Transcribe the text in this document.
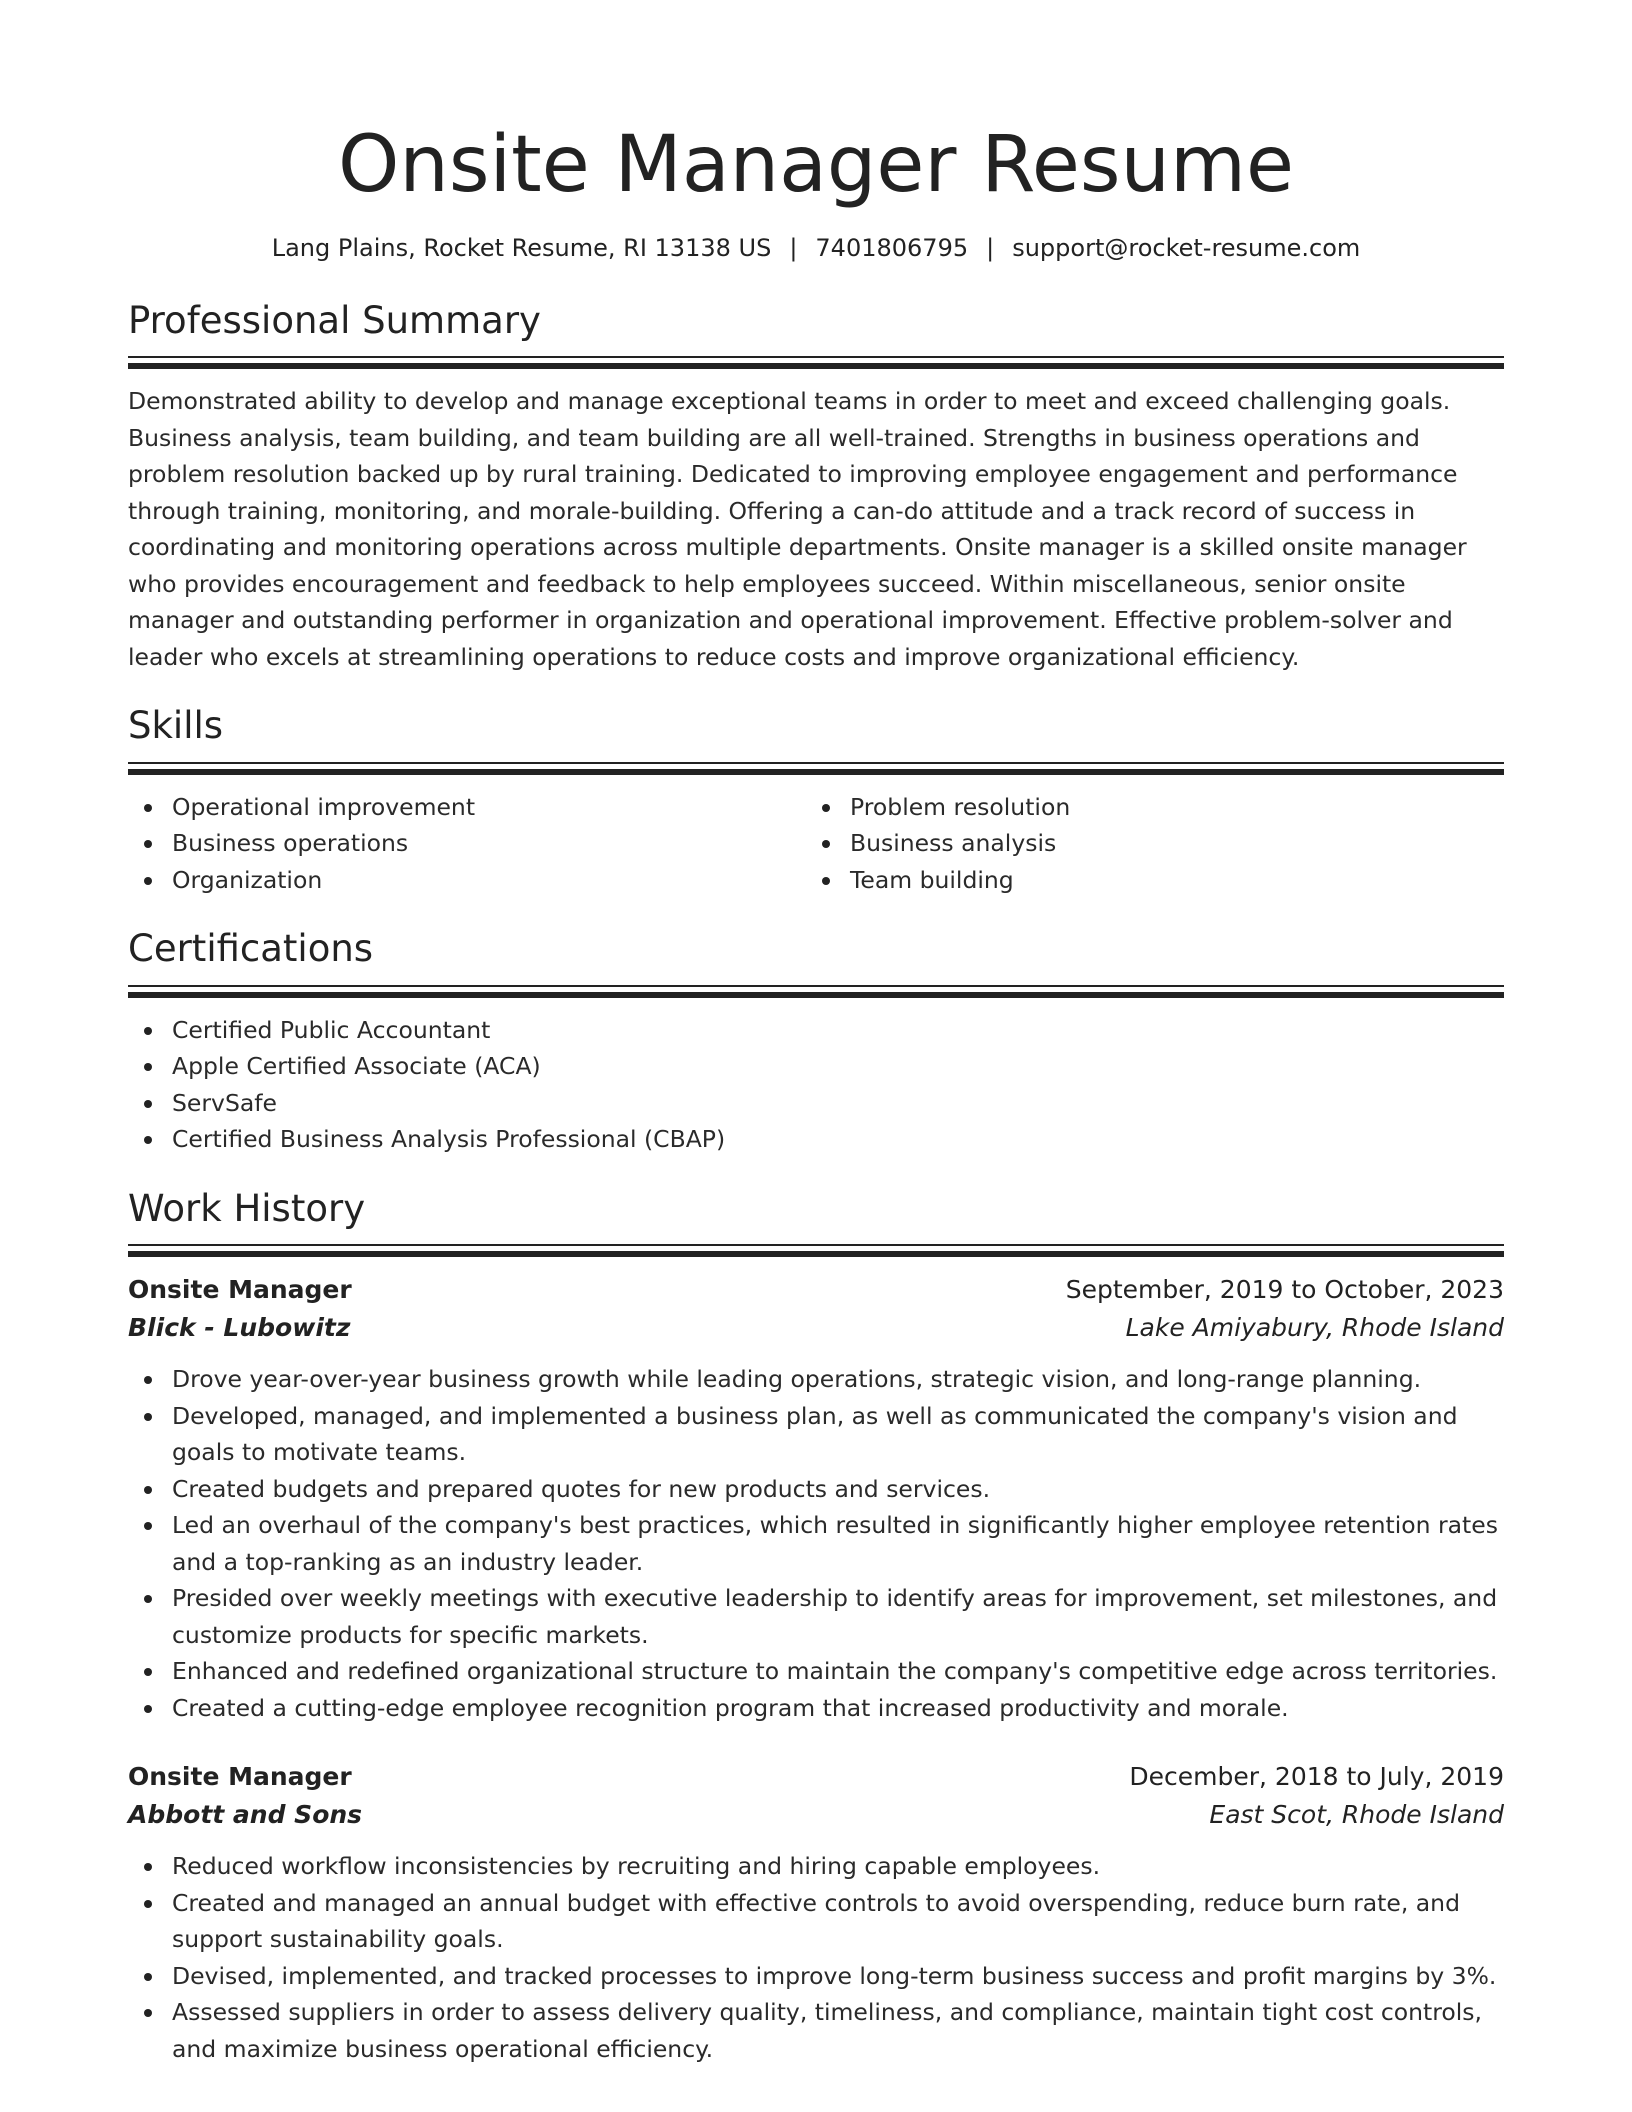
Onsite Manager Resume
Lang Plains, Rocket Resume, RI 13138 US | 7401806795 | support@rocket-resume.com
Professional Summary
Demonstrated ability to develop and manage exceptional teams in order to meet and exceed challenging goals. Business analysis, team building, and team building are all well-trained. Strengths in business operations and problem resolution backed up by rural training. Dedicated to improving employee engagement and performance through training, monitoring, and morale-building. Offering a can-do attitude and a track record of success in coordinating and monitoring operations across multiple departments. Onsite manager is a skilled onsite manager who provides encouragement and feedback to help employees succeed. Within miscellaneous, senior onsite manager and outstanding performer in organization and operational improvement. Effective problem-solver and leader who excels at streamlining operations to reduce costs and improve organizational efficiency.
Skills
Operational improvement
Business operations
Organization
Problem resolution
Business analysis
Team building
Certifications
Certified Public Accountant
Apple Certified Associate (ACA)
ServSafe
Certified Business Analysis Professional (CBAP)
Work History
Onsite Manager	September, 2019 to October, 2023
Blick - Lubowitz	Lake Amiyabury, Rhode Island
Drove year-over-year business growth while leading operations, strategic vision, and long-range planning.
Developed, managed, and implemented a business plan, as well as communicated the company's vision and goals to motivate teams.
Created budgets and prepared quotes for new products and services.
Led an overhaul of the company's best practices, which resulted in significantly higher employee retention rates and a top-ranking as an industry leader.
Presided over weekly meetings with executive leadership to identify areas for improvement, set milestones, and customize products for specific markets.
Enhanced and redefined organizational structure to maintain the company's competitive edge across territories.
Created a cutting-edge employee recognition program that increased productivity and morale.
Onsite Manager	December, 2018 to July, 2019
Abbott and Sons	East Scot, Rhode Island
Reduced workflow inconsistencies by recruiting and hiring capable employees.
Created and managed an annual budget with effective controls to avoid overspending, reduce burn rate, and support sustainability goals.
Devised, implemented, and tracked processes to improve long-term business success and profit margins by 3%.
Assessed suppliers in order to assess delivery quality, timeliness, and compliance, maintain tight cost controls, and maximize business operational efficiency.
